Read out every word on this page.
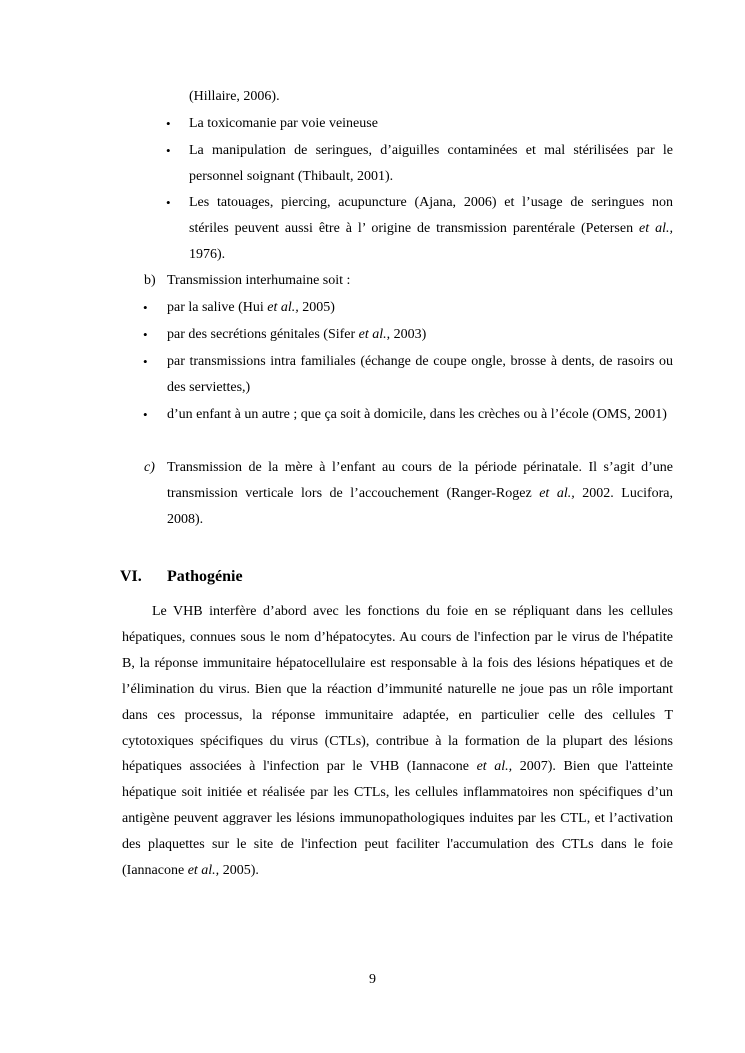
(Hillaire, 2006).
• La toxicomanie par voie veineuse
• La manipulation de seringues, d’aiguilles contaminées et mal stérilisées par le personnel soignant (Thibault, 2001).
• Les tatouages, piercing, acupuncture (Ajana, 2006) et l’usage de seringues non stériles peuvent aussi être à l’ origine de transmission parentérale (Petersen et al., 1976).
b) Transmission interhumaine soit :
• par la salive (Hui et al., 2005)
• par des secrétions génitales (Sifer et al., 2003)
• par transmissions intra familiales (échange de coupe ongle, brosse à dents, de rasoirs ou des serviettes,)
• d’un enfant à un autre ; que ça soit à domicile, dans les crèches ou à l’école (OMS, 2001)
c) Transmission de la mère à l’enfant au cours de la période périnatale. Il s’agit d’une transmission verticale lors de l’accouchement (Ranger-Rogez et al., 2002. Lucifora, 2008).
VI. Pathogénie
Le VHB interfère d’abord avec les fonctions du foie en se répliquant dans les cellules hépatiques, connues sous le nom d’hépatocytes. Au cours de l'infection par le virus de l'hépatite B, la réponse immunitaire hépatocellulaire est responsable à la fois des lésions hépatiques et de l’élimination du virus. Bien que la réaction d’immunité naturelle ne joue pas un rôle important dans ces processus, la réponse immunitaire adaptée, en particulier celle des cellules T cytotoxiques spécifiques du virus (CTLs), contribue à la formation de la plupart des lésions hépatiques associées à l'infection par le VHB (Iannacone et al., 2007). Bien que l'atteinte hépatique soit initiée et réalisée par les CTLs, les cellules inflammatoires non spécifiques d’un antigène peuvent aggraver les lésions immunopathologiques induites par les CTL, et l’activation des plaquettes sur le site de l'infection peut faciliter l'accumulation des CTLs dans le foie (Iannacone et al., 2005).
9
